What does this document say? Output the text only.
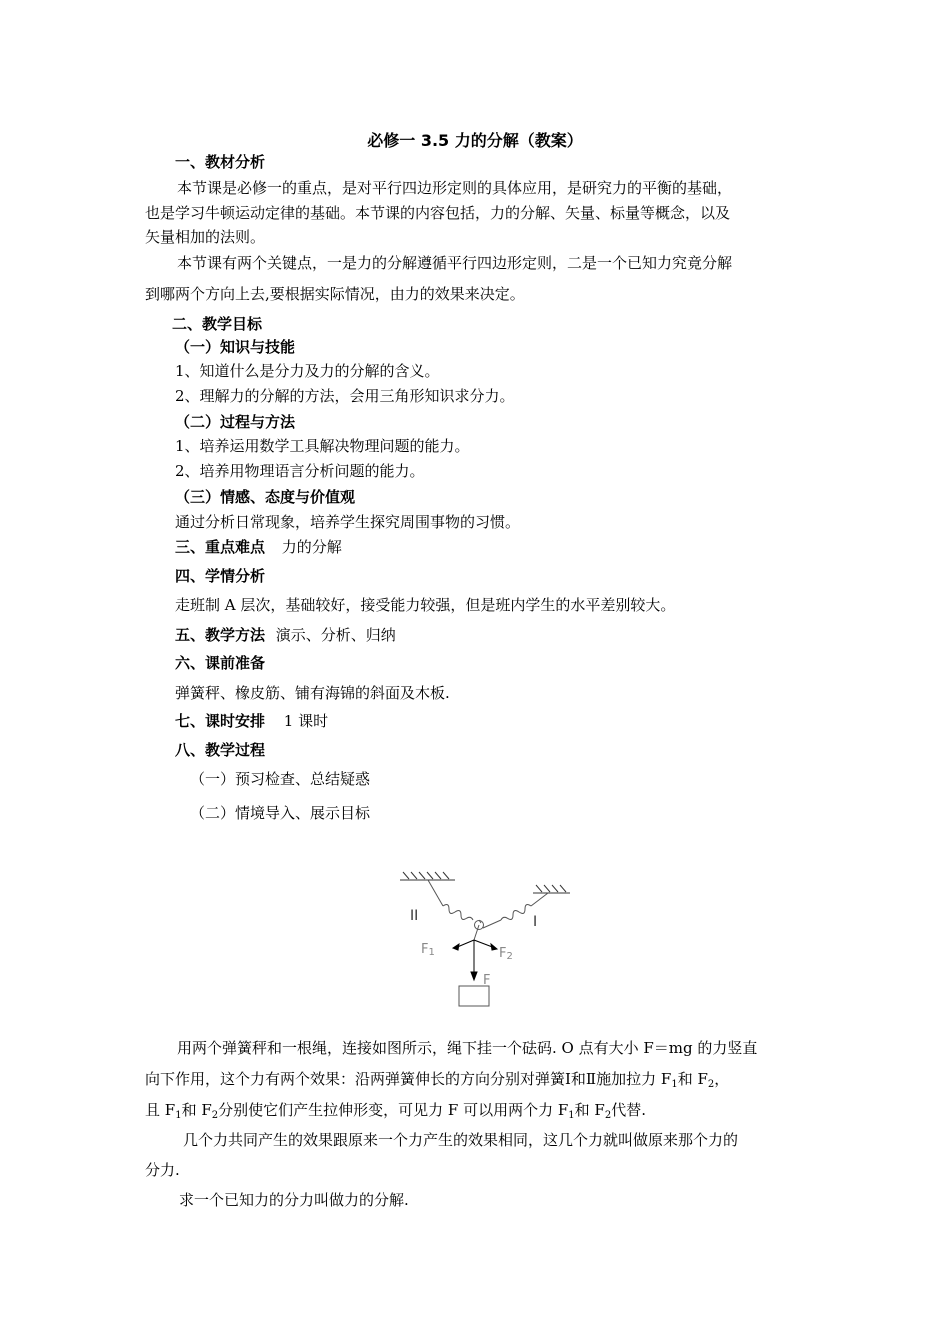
必修一 3.5 力的分解（教案）
一、教材分析
本节课是必修一的重点，是对平行四边形定则的具体应用，是研究力的平衡的基础，
也是学习牛顿运动定律的基础。本节课的内容包括，力的分解、矢量、标量等概念，以及
矢量相加的法则。
本节课有两个关键点，一是力的分解遵循平行四边形定则，二是一个已知力究竟分解
到哪两个方向上去,要根据实际情况，由力的效果来决定。
二、教学目标
（一）知识与技能
1、知道什么是分力及力的分解的含义。
2、理解力的分解的方法，会用三角形知识求分力。
（二）过程与方法
1、培养运用数学工具解决物理问题的能力。
2、培养用物理语言分析问题的能力。
（三）情感、态度与价值观
通过分析日常现象，培养学生探究周围事物的习惯。
三、重点难点 力的分解
四、学情分析
走班制 A 层次，基础较好，接受能力较强，但是班内学生的水平差别较大。
五、教学方法 演示、分析、归纳
六、课前准备
弹簧秤、橡皮筋、铺有海锦的斜面及木板.
七、课时安排 1 课时
八、教学过程
（一）预习检查、总结疑惑
（二）情境导入、展示目标
II	I
F1	F2
F
用两个弹簧秤和一根绳，连接如图所示，绳下挂一个砝码. O 点有大小 F＝mg 的力竖直
向下作用，这个力有两个效果：沿两弹簧伸长的方向分别对弹簧Ⅰ和Ⅱ施加拉力 $F_1$和 $F_2$，
且 $F_1$和 $F_2$分别使它们产生拉伸形变，可见力 F 可以用两个力 $F_1$和 $F_2$代替.
几个力共同产生的效果跟原来一个力产生的效果相同，这几个力就叫做原来那个力的
分力.
求一个已知力的分力叫做力的分解.
